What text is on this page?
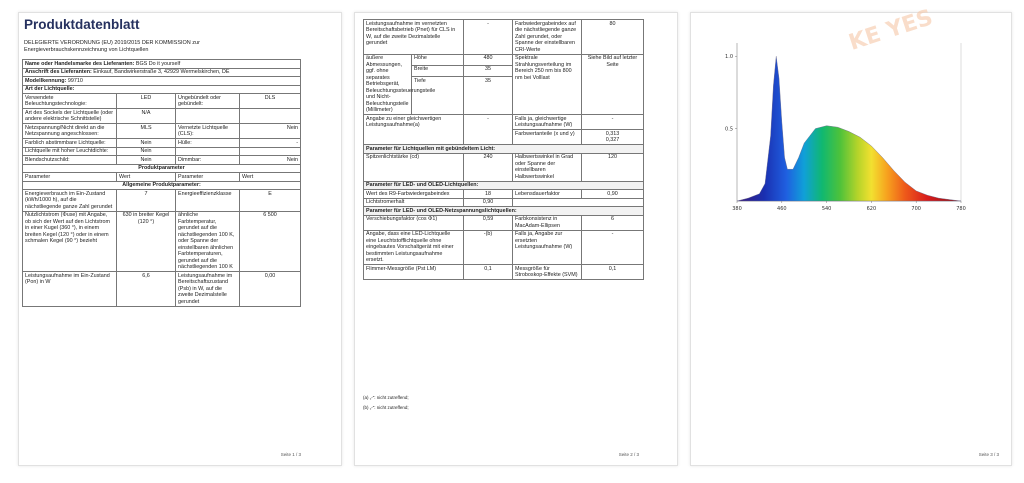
Produktdatenblatt
DELEGIERTE VERORDNUNG (EU) 2019/2015 DER KOMMISSION zur
Energieverbrauchskennzeichnung von Lichtquellen
Name oder Handelsmarke des Lieferanten: BGS Do it yourself			
Anschrift des Lieferanten: Einkauf, Bandwirkerstraße 3, 42929 Wermelskirchen, DE			
Modellkennung: 99710			
Art der Lichtquelle:			
Verwendete Beleuchtungstechnologie:	LED	Ungebündelt oder gebündelt:	DLS
Art des Sockels der Lichtquelle (oder andere elektrische Schnittstelle)	N/A		
Netzspannung/Nicht direkt an die Netzspannung angeschlossen:	MLS	Vernetzte Lichtquelle (CLS):	Nein
Farblich abstimmbare Lichtquelle:	Nein	Hülle:	-
Lichtquelle mit hoher Leuchtdichte:	Nein		
Blendschutzschild:	Nein	Dimmbar:	Nein
Produktparameter			
Parameter	Wert	Parameter	Wert
Allgemeine Produktparameter:			
Energieverbrauch im Ein-Zustand (kWh/1000 h), auf die nächstliegende ganze Zahl gerundet	7	Energieeffizienzklasse	E
Nutzlichtstrom (Φuse) mit Angabe, ob sich der Wert auf den Lichtstrom in einer Kugel (360 °), in einem breiten Kegel (120 °) oder in einem schmalen Kegel (90 °) bezieht	630 in breiter Kegel (120 °)	ähnliche Farbtemperatur, gerundet auf die nächstliegenden 100 K, oder Spanne der einstellbaren ähnlichen Farbtemperaturen, gerundet auf die nächstliegenden 100 K	6 500
Leistungsaufnahme im Ein-Zustand (Pon) in W	6,6	Leistungsaufnahme im Bereitschaftszustand (Psb) in W, auf die zweite Dezimalstelle gerundet	0,00
Seite 1 / 3
Leistungsaufnahme im vernetzten Bereitschaftsbetrieb (Pnet) für CLS in W, auf die zweite Dezimalstelle gerundet		-	Farbwiedergabeindex auf die nächstliegende ganze Zahl gerundet, oder Spanne der einstellbaren CRI-Werte	80
äußere Abmessungen, ggf. ohne separates Betriebsgerät, Beleuchtungssteuerungsteile und Nicht-Beleuchtungsteile (Millimeter)	Höhe	480	Spektrale Strahlungsverteilung im Bereich 250 nm bis 800 nm bei Volllast	Siehe Bild auf letzter Seite
	Breite	35		
	Tiefe	35		
Angabe zu einer gleichwertigen Leistungsaufnahme(a)		-	Falls ja, gleichwertige Leistungsaufnahme (W)	-
			Farbwertanteile (x und y)	0,313
0,327

Parameter für Lichtquellen mit gebündeltem Licht:				
Spitzenlichtstärke (cd)		240	Halbwertswinkel in Grad oder Spanne der einstellbaren Halbwertswinkel	120
Parameter für LED- und OLED-Lichtquellen:				
Wert des R9-Farbwiedergabeindex		18	Lebensdauerfaktor	0,90
Lichtstromerhalt		0,90		
Parameter für LED- und OLED-Netzspannungslichtquellen:				
Verschiebungsfaktor (cos Φ1)		0,59	Farbkonsistenz in MacAdam-Ellipsen	6
Angabe, dass eine LED-Lichtquelle eine Leuchtstofflichtquelle ohne eingebautes Vorschaltgerät mit einer bestimmten Leistungsaufnahme ersetzt.		-(b)	Falls ja, Angabe zur ersetzten Leistungsaufnahme (W)	-
Flimmer-Messgröße (Pst LM)		0,1	Messgröße für Stroboskop-Effekte (SVM)	0,1
(a) „-“: nicht zutreffend;
(b) „-“: nicht zutreffend;
Seite 2 / 3
KE YES
380	460	540	620	700	780
1.0
0.5
Seite 3 / 3
